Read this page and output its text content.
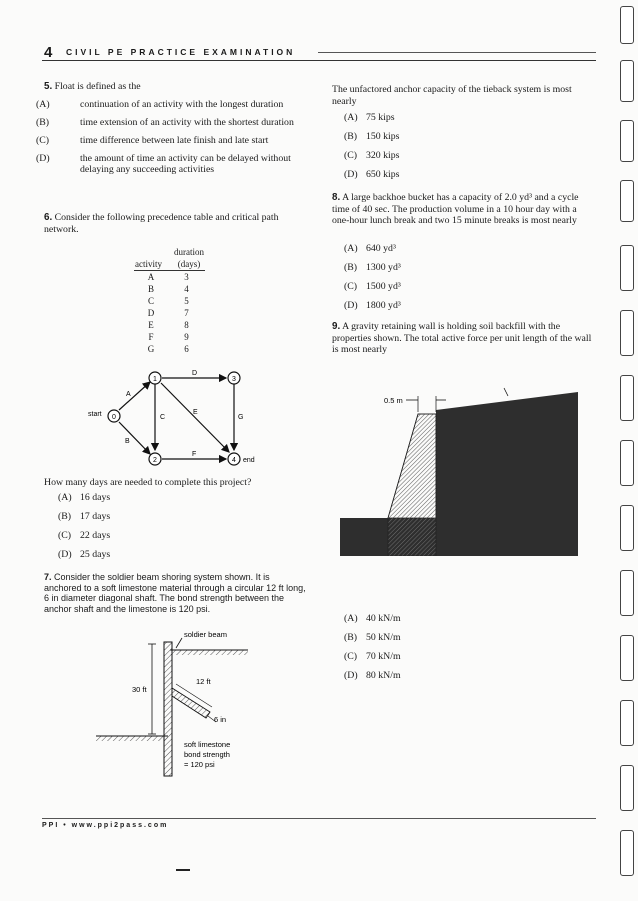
4 CIVIL PE PRACTICE EXAMINATION
5. Float is defined as the
(A)	continuation of an activity with the longest duration
(B)	time extension of an activity with the shortest duration
(C)	time difference between late finish and late start
(D)	the amount of time an activity can be delayed without delaying any succeeding activities
6. Consider the following precedence table and critical path network.
	duration
activity	(days)
A	3
B	4
C	5
D	7
E	8
F	9
G	6
0
1
2
3
4
A
B
C
D
E
F
G
start
end
How many days are needed to complete this project?
(A) 16 days
(B) 17 days
(C) 22 days
(D) 25 days
7. Consider the soldier beam shoring system shown. It is anchored to a soft limestone material through a circular 12 ft long, 6 in diameter diagonal shaft. The bond strength between the anchor shaft and the limestone is 120 psi.
soldier beam
30 ft
12 ft
6 in
soft limestone
bond strength
= 120 psi
The unfactored anchor capacity of the tieback system is most nearly
(A) 75 kips
(B) 150 kips
(C) 320 kips
(D) 650 kips
8. A large backhoe bucket has a capacity of 2.0 yd³ and a cycle time of 40 sec. The production volume in a 10 hour day with a one-hour lunch break and two 15 minute breaks is most nearly
(A) 640 yd³
(B) 1300 yd³
(C) 1500 yd³
(D) 1800 yd³
9. A gravity retaining wall is holding soil backfill with the properties shown. The total active force per unit length of the wall is most nearly
0.5 m
(A) 40 kN/m
(B) 50 kN/m
(C) 70 kN/m
(D) 80 kN/m
PPI • www.ppi2pass.com
